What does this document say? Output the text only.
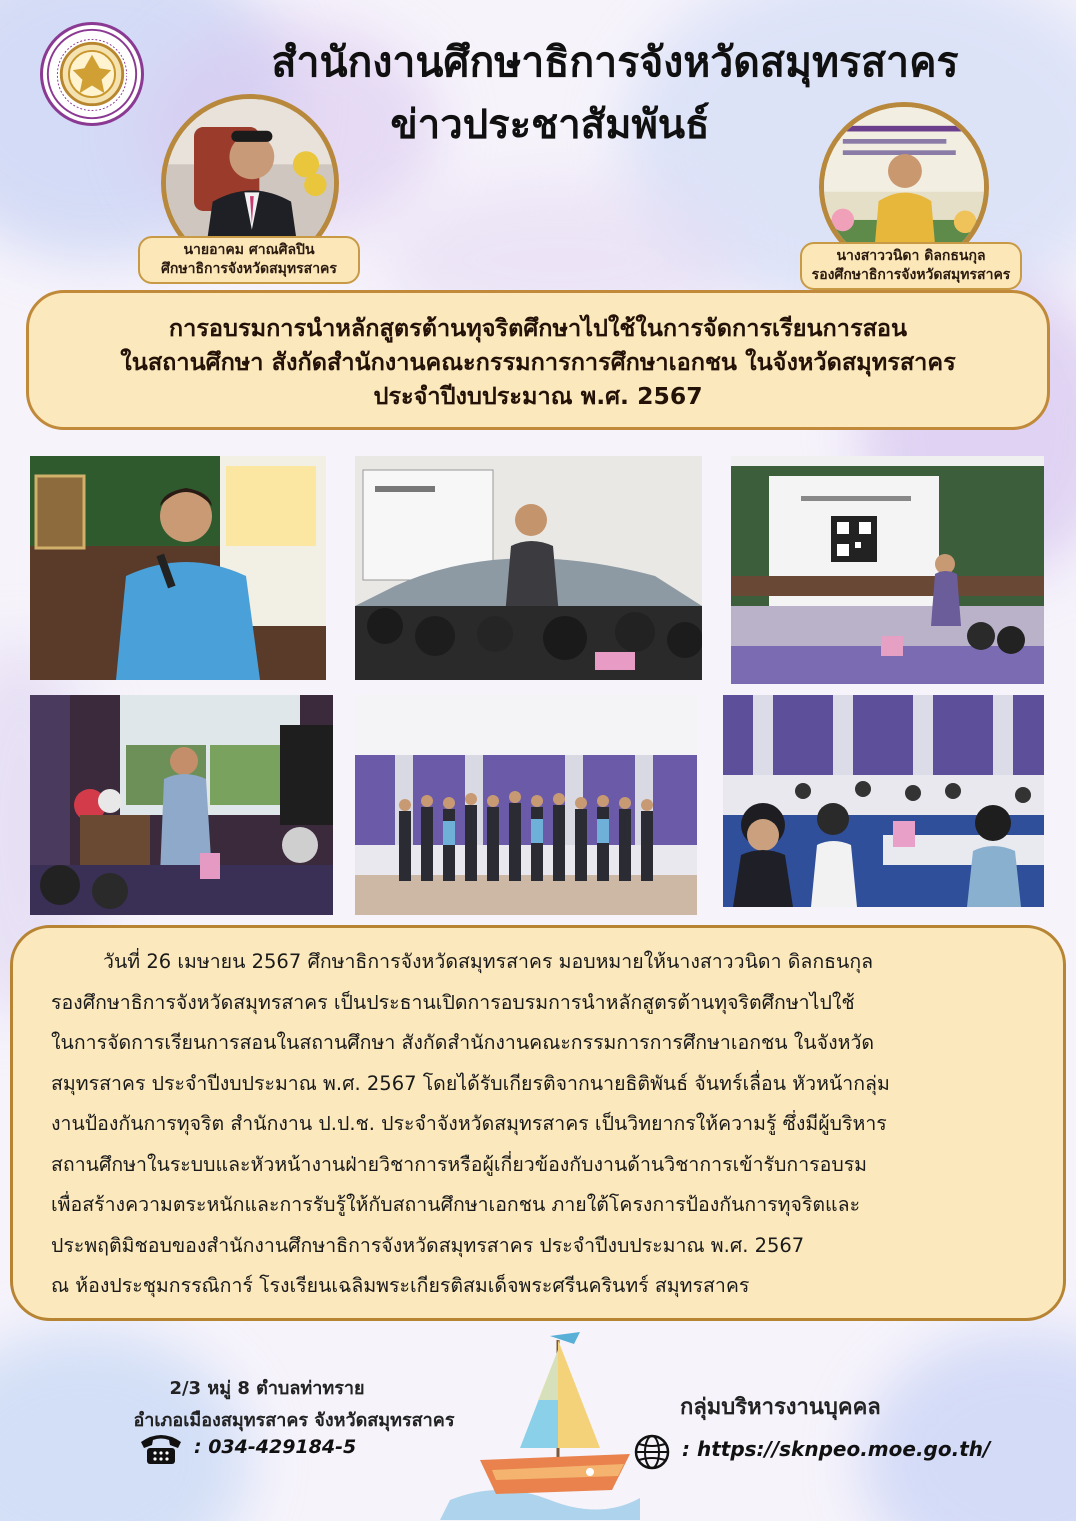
สำนักงานศึกษาธิการจังหวัดสมุทรสาคร
ข่าวประชาสัมพันธ์
นายอาคม ศาณศิลปิน
ศึกษาธิการจังหวัดสมุทรสาคร
นางสาววนิดา ดิลกธนกุล
รองศึกษาธิการจังหวัดสมุทรสาคร
การอบรมการนำหลักสูตรต้านทุจริตศึกษาไปใช้ในการจัดการเรียนการสอน
ในสถานศึกษา สังกัดสำนักงานคณะกรรมการการศึกษาเอกชน ในจังหวัดสมุทรสาคร
ประจำปีงบประมาณ พ.ศ. 2567

วันที่ 26 เมษายน 2567 ศึกษาธิการจังหวัดสมุทรสาคร มอบหมายให้นางสาววนิดา ดิลกธนกุล

รองศึกษาธิการจังหวัดสมุทรสาคร เป็นประธานเปิดการอบรมการนำหลักสูตรต้านทุจริตศึกษาไปใช้

ในการจัดการเรียนการสอนในสถานศึกษา สังกัดสำนักงานคณะกรรมการการศึกษาเอกชน ในจังหวัด

สมุทรสาคร ประจำปีงบประมาณ พ.ศ. 2567 โดยได้รับเกียรติจากนายธิติพันธ์ จันทร์เลื่อน หัวหน้ากลุ่ม

งานป้องกันการทุจริต สำนักงาน ป.ป.ช. ประจำจังหวัดสมุทรสาคร เป็นวิทยากรให้ความรู้ ซึ่งมีผู้บริหาร

สถานศึกษาในระบบและหัวหน้างานฝ่ายวิชาการหรือผู้เกี่ยวข้องกับงานด้านวิชาการเข้ารับการอบรม

เพื่อสร้างความตระหนักและการรับรู้ให้กับสถานศึกษาเอกชน ภายใต้โครงการป้องกันการทุจริตและ

ประพฤติมิชอบของสำนักงานศึกษาธิการจังหวัดสมุทรสาคร ประจำปีงบประมาณ พ.ศ. 2567

ณ ห้องประชุมกรรณิการ์ โรงเรียนเฉลิมพระเกียรติสมเด็จพระศรีนครินทร์ สมุทรสาคร

2/3 หมู่ 8 ตำบลท่าทราย
อำเภอเมืองสมุทรสาคร จังหวัดสมุทรสาคร
: 034-429184-5
กลุ่มบริหารงานบุคคล
: https://sknpeo.moe.go.th/
